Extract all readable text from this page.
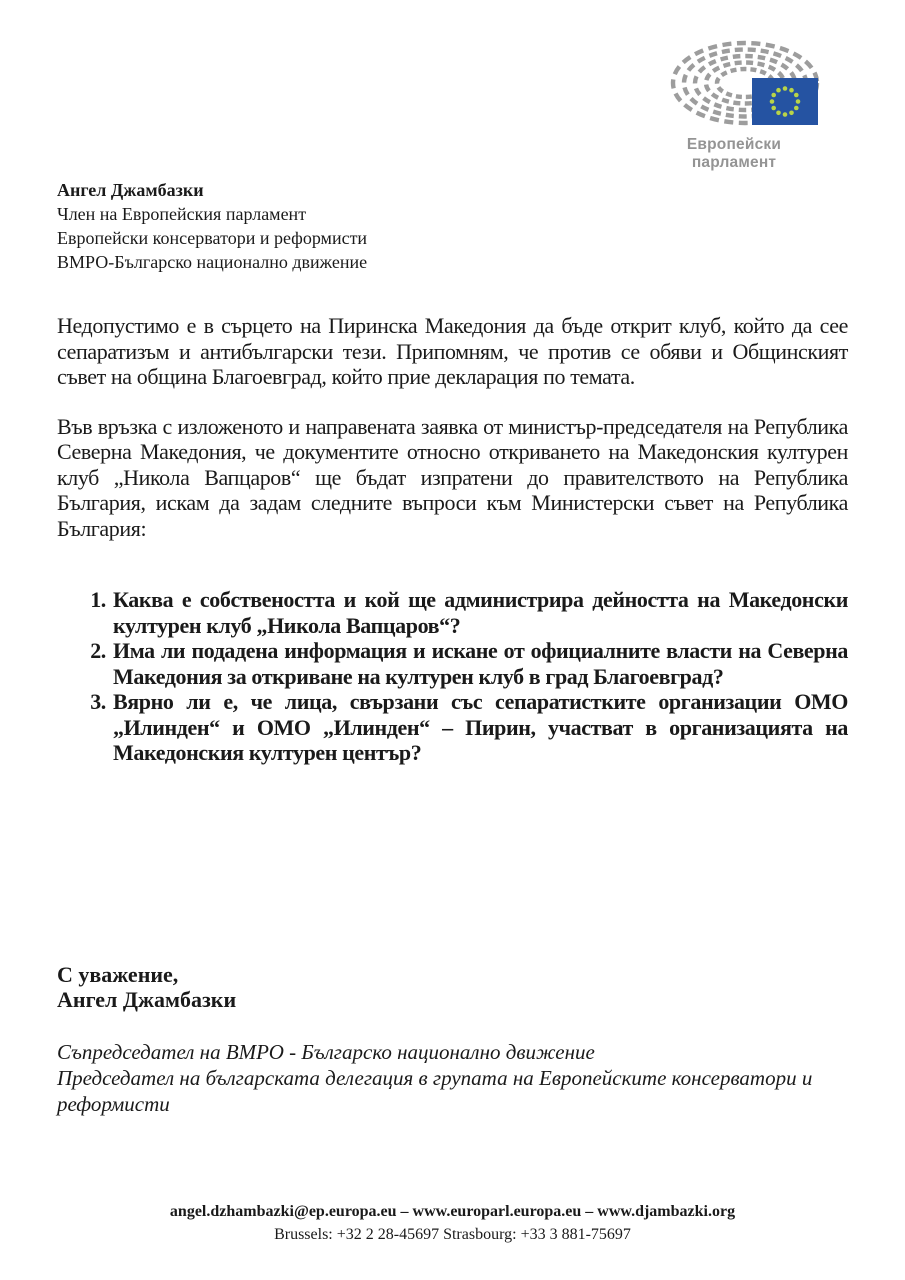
Европейски парламент
Ангел Джамбазки
Член на Европейския парламент
Европейски консерватори и реформисти
ВМРО-Българско национално движение

Недопустимо е в сърцето на Пиринска Македония да бъде открит клуб, който да сее сепаратизъм и антибългарски тези. Припомням, че против се обяви и Общинският съвет на община Благоевград, който прие декларация по темата.

Във връзка с изложеното и направената заявка от министър-председателя на Република Северна Македония, че документите относно откриването на Македонския културен клуб „Никола Вапцаров“ ще бъдат изпратени до правителството на Република България, искам да задам следните въпроси към Министерски съвет на Република България:

1. Каква е собствеността и кой ще администрира дейността на Македонски културен клуб „Никола Вапцаров“?
2. Има ли подадена информация и искане от официалните власти на Северна Македония за откриване на културен клуб в град Благоевград?
3. Вярно ли е, че лица, свързани със сепаратистките организации ОМО „Илинден“ и ОМО „Илинден“ – Пирин, участват в организацията на Македонския културен център?
С уважение,
Ангел Джамбазки

Съпредседател на ВМРО - Българско национално движение

Председател на българската делегация в групата на Европейските консерватори и реформисти

angel.dzhambazki@ep.europa.eu – www.europarl.europa.eu – www.djambazki.org
Brussels: +32 2 28-45697 Strasbourg: +33 3 881-75697
